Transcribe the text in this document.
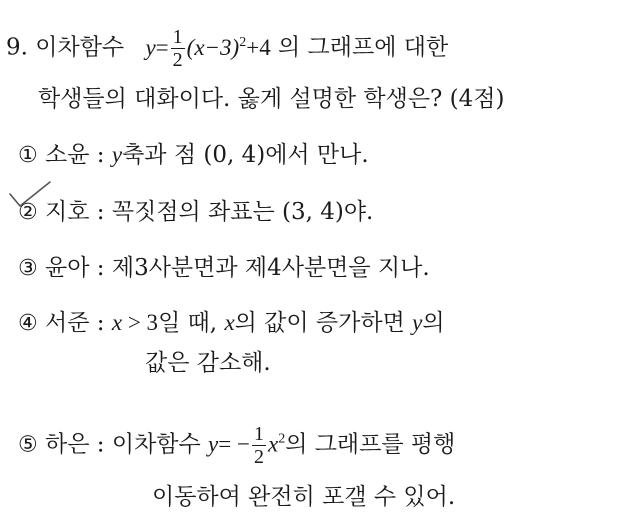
9. 이차함수 $y= \frac{1}{2} (x-3)^2+4$ 의 그래프에 대한
학생들의 대화이다. 옳게 설명한 학생은? (4점)
① 소윤 : y축과 점 (0, 4)에서 만나.
② 지호 : 꼭짓점의 좌표는 (3, 4)야.
③ 윤아 : 제3사분면과 제4사분면을 지나.
④ 서준 : x > 3일 때, x의 값이 증가하면 y의
값은 감소해.
⑤ 하은 : 이차함수 $y= - \frac{1}{2} x^2$의 그래프를 평행
이동하여 완전히 포갤 수 있어.
